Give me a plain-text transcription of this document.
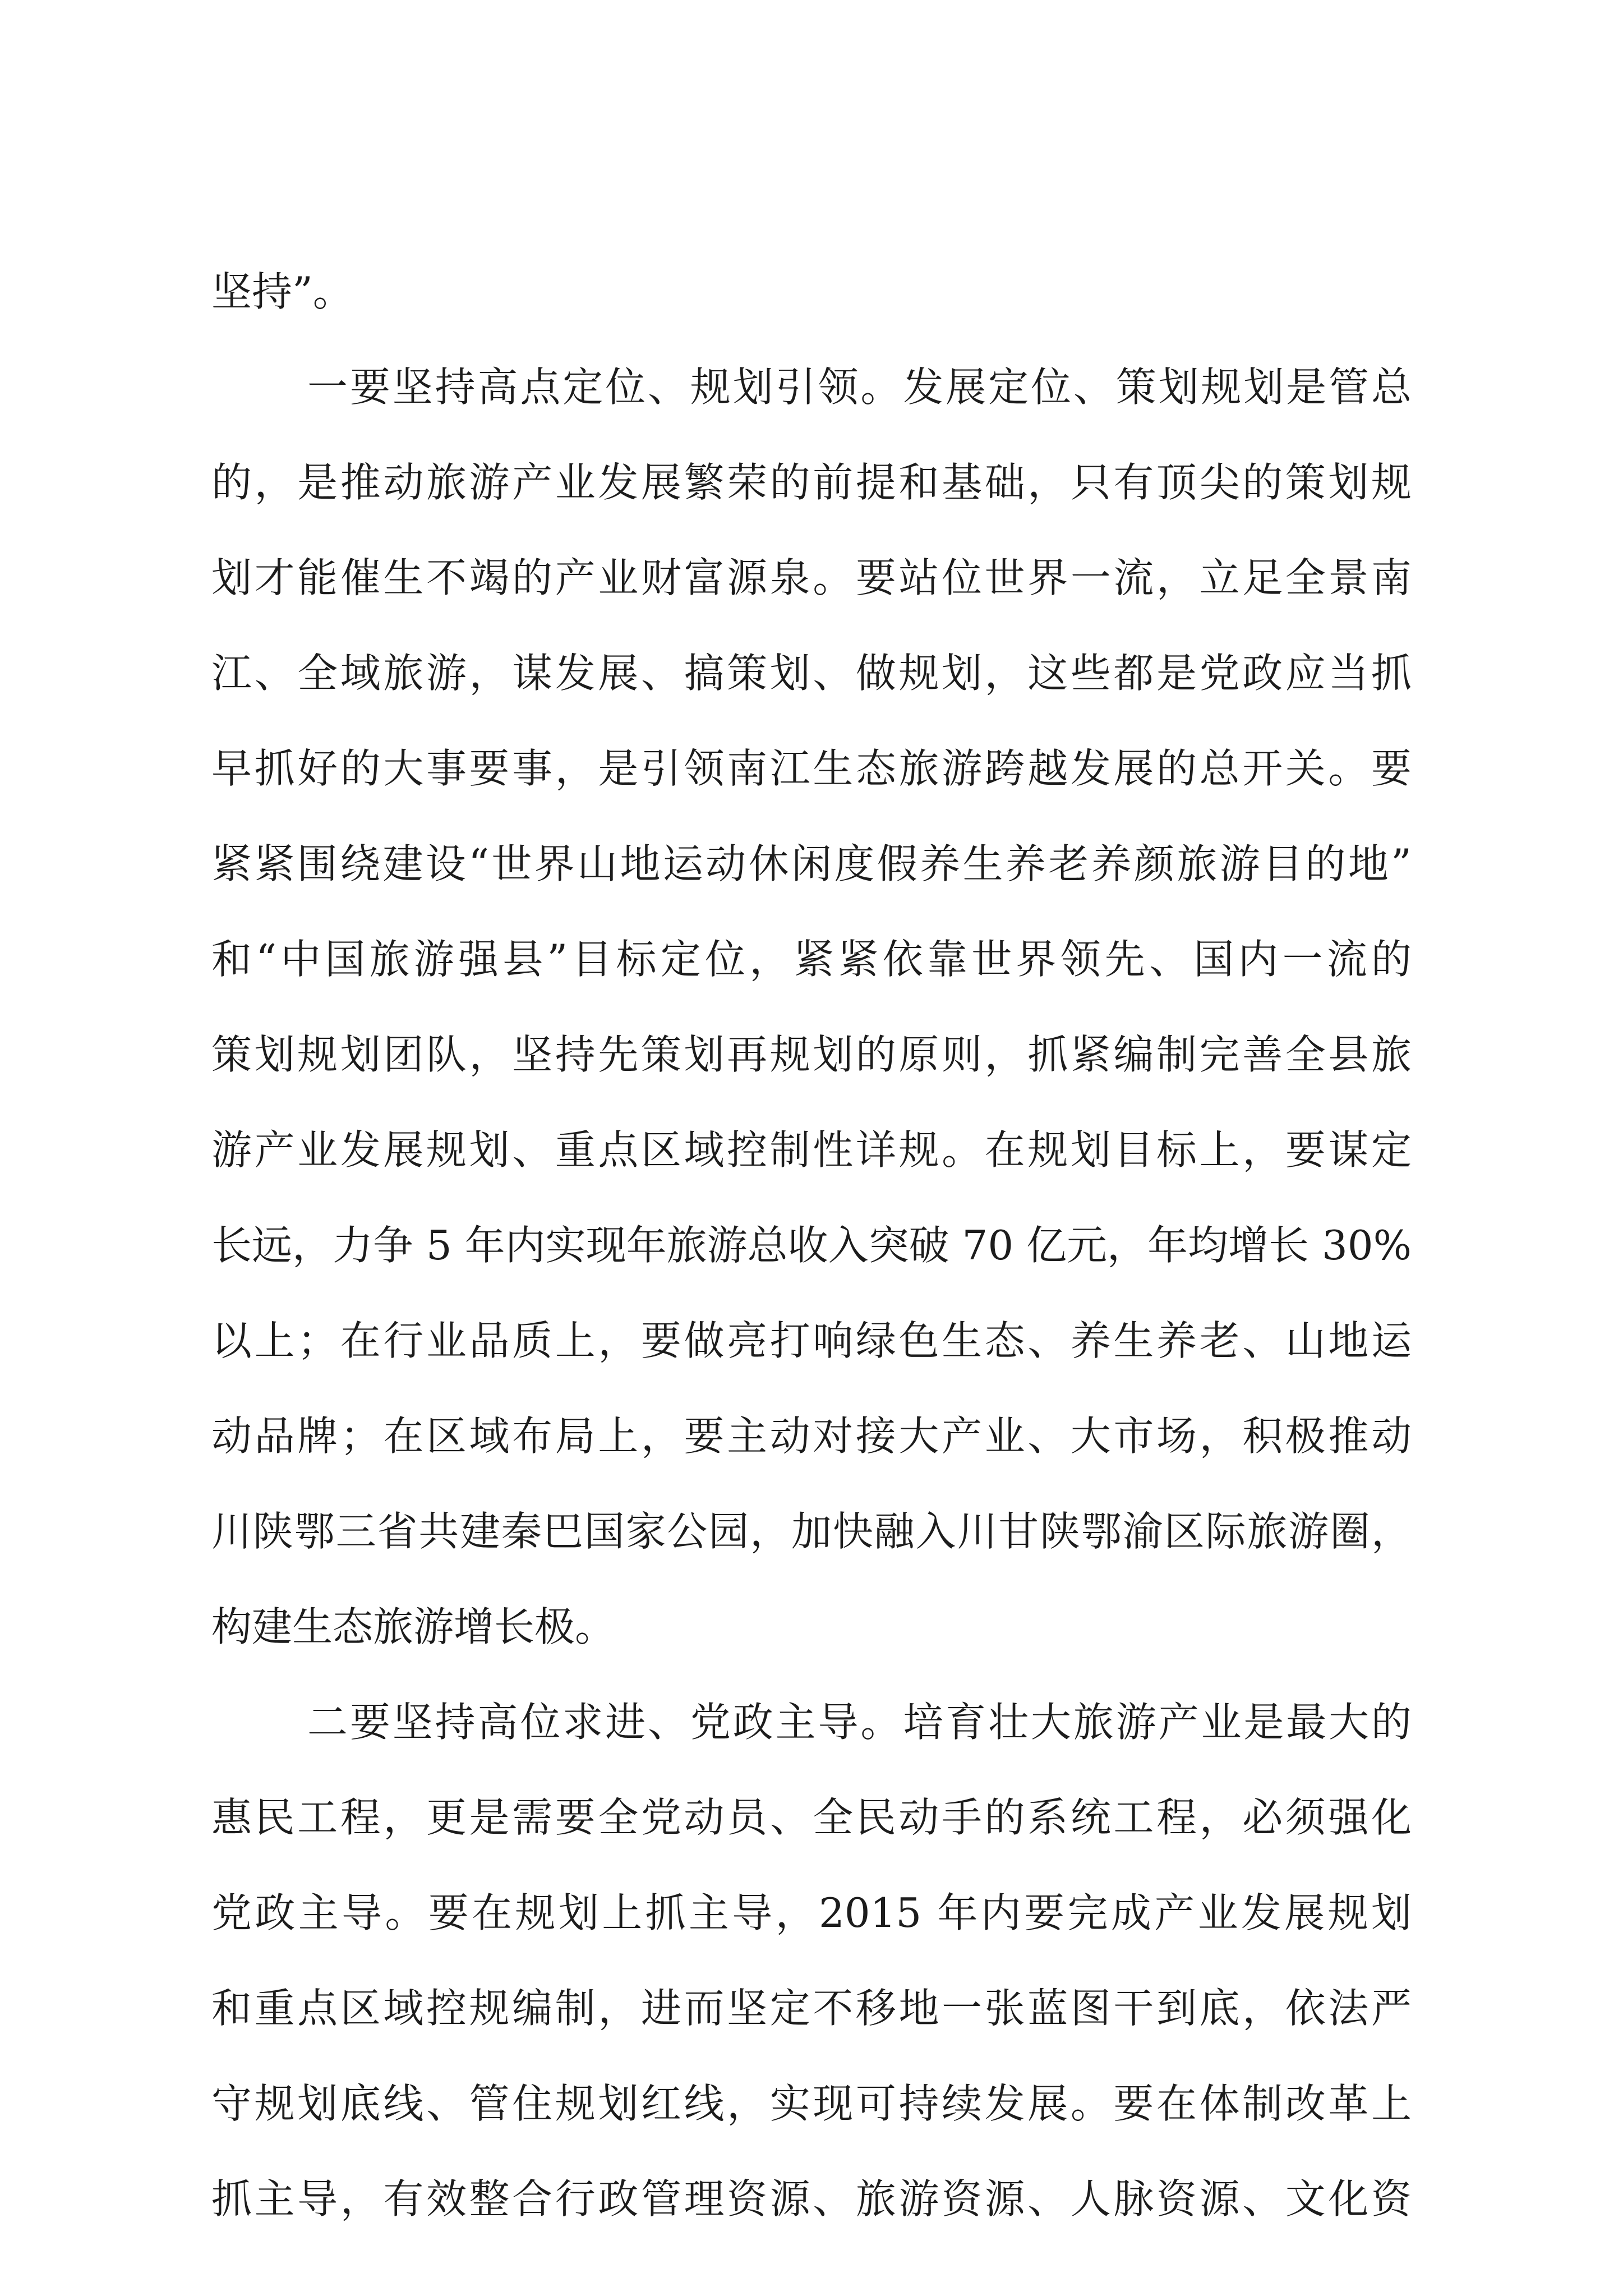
坚持”。
一要坚持高点定位、规划引领。发展定位、策划规划是管总
的，是推动旅游产业发展繁荣的前提和基础，只有顶尖的策划规
划才能催生不竭的产业财富源泉。要站位世界一流，立足全景南
江、全域旅游，谋发展、搞策划、做规划，这些都是党政应当抓
早抓好的大事要事，是引领南江生态旅游跨越发展的总开关。要
紧紧围绕建设“世界山地运动休闲度假养生养老养颜旅游目的地”
和“中国旅游强县”目标定位，紧紧依靠世界领先、国内一流的
策划规划团队，坚持先策划再规划的原则，抓紧编制完善全县旅
游产业发展规划、重点区域控制性详规。在规划目标上，要谋定
长远，力争 5 年内实现年旅游总收入突破 70 亿元，年均增长 30%
以上；在行业品质上，要做亮打响绿色生态、养生养老、山地运
动品牌；在区域布局上，要主动对接大产业、大市场，积极推动
川陕鄂三省共建秦巴国家公园，加快融入川甘陕鄂渝区际旅游圈，
构建生态旅游增长极。
二要坚持高位求进、党政主导。培育壮大旅游产业是最大的
惠民工程，更是需要全党动员、全民动手的系统工程，必须强化
党政主导。要在规划上抓主导，2015 年内要完成产业发展规划
和重点区域控规编制，进而坚定不移地一张蓝图干到底，依法严
守规划底线、管住规划红线，实现可持续发展。要在体制改革上
抓主导，有效整合行政管理资源、旅游资源、人脉资源、文化资
